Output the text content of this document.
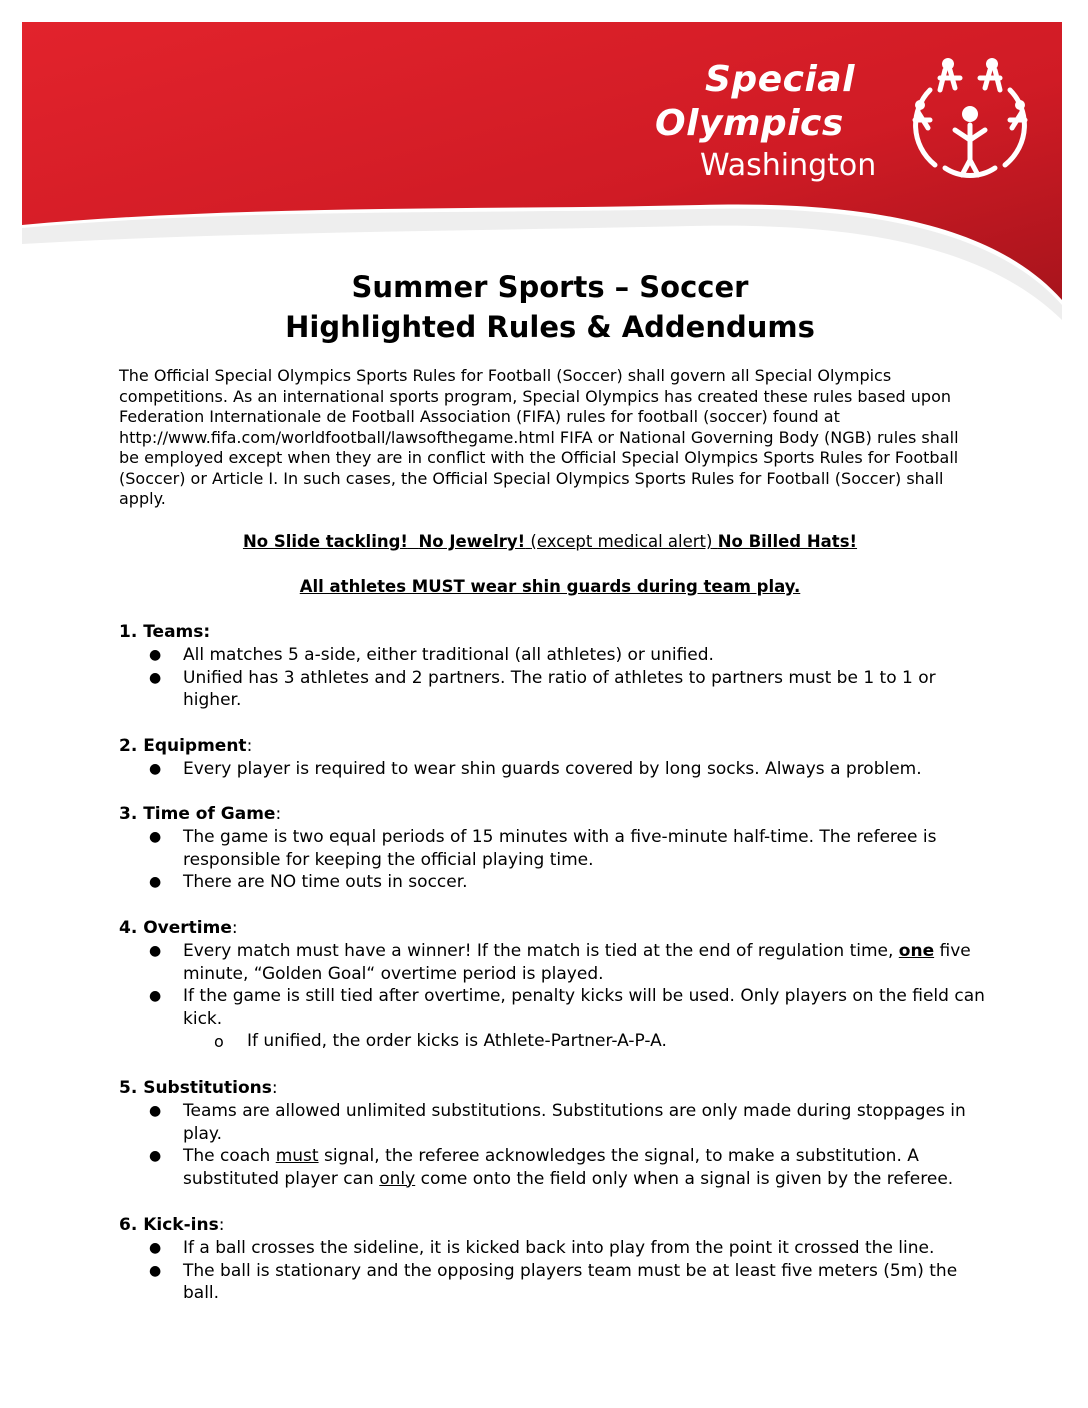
Special
Olympics
Washington
Summer Sports – Soccer
Highlighted Rules & Addendums

The Official Special Olympics Sports Rules for Football (Soccer) shall govern all Special Olympics competitions. As an international sports program, Special Olympics has created these rules based upon Federation Internationale de Football Association (FIFA) rules for football (soccer) found at http://www.fifa.com/worldfootball/lawsofthegame.html FIFA or National Governing Body (NGB) rules shall be employed except when they are in conflict with the Official Special Olympics Sports Rules for Football (Soccer) or Article I. In such cases, the Official Special Olympics Sports Rules for Football (Soccer) shall apply.

No Slide tackling! No Jewelry! (except medical alert) No Billed Hats!
All athletes MUST wear shin guards during team play.

1. Teams:

● All matches 5 a-side, either traditional (all athletes) or unified.
● Unified has 3 athletes and 2 partners. The ratio of athletes to partners must be 1 to 1 or higher.

2. Equipment:

● Every player is required to wear shin guards covered by long socks. Always a problem.

3. Time of Game:

● The game is two equal periods of 15 minutes with a five-minute half-time. The referee is responsible for keeping the official playing time.
● There are NO time outs in soccer.

4. Overtime:

● Every match must have a winner! If the match is tied at the end of regulation time, one five minute, “Golden Goal“ overtime period is played.
● If the game is still tied after overtime, penalty kicks will be used. Only players on the field can kick.
o If unified, the order kicks is Athlete-Partner-A-P-A.

5. Substitutions:

● Teams are allowed unlimited substitutions. Substitutions are only made during stoppages in play.
● The coach must signal, the referee acknowledges the signal, to make a substitution. A substituted player can only come onto the field only when a signal is given by the referee.

6. Kick-ins:

● If a ball crosses the sideline, it is kicked back into play from the point it crossed the line.
● The ball is stationary and the opposing players team must be at least five meters (5m) the ball.
